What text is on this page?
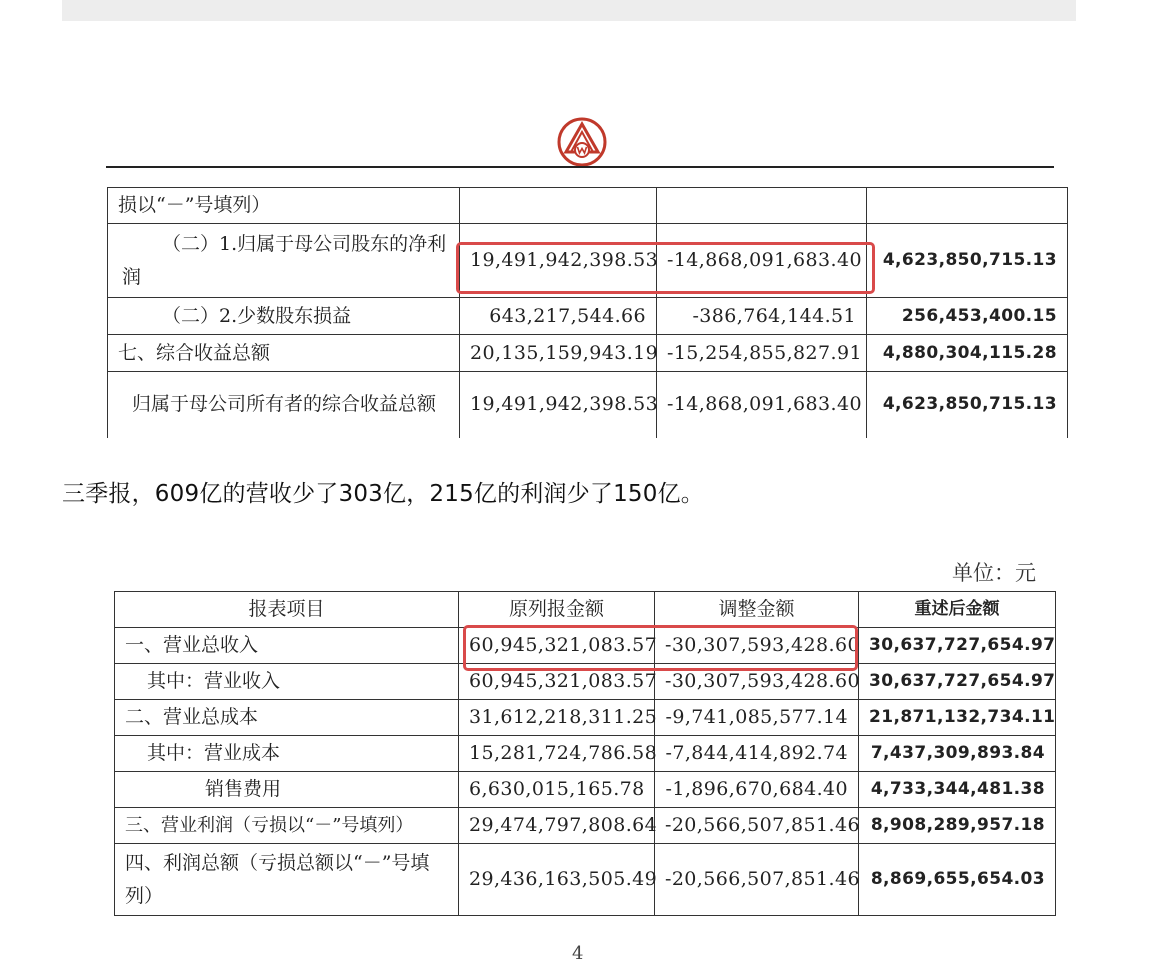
损以“－”号填列）			
（二）1.归属于母公司股东的净利润	19,491,942,398.53	-14,868,091,683.40	4,623,850,715.13
（二）2.少数股东损益	643,217,544.66	-386,764,144.51	256,453,400.15
七、综合收益总额	20,135,159,943.19	-15,254,855,827.91	4,880,304,115.28
归属于母公司所有者的综合收益总额	19,491,942,398.53	-14,868,091,683.40	4,623,850,715.13
三季报，609亿的营收少了303亿，215亿的利润少了150亿。
单位：元
报表项目	原列报金额	调整金额	重述后金额
一、营业总收入	60,945,321,083.57	-30,307,593,428.60	30,637,727,654.97
其中：营业收入	60,945,321,083.57	-30,307,593,428.60	30,637,727,654.97
二、营业总成本	31,612,218,311.25	-9,741,085,577.14	21,871,132,734.11
其中：营业成本	15,281,724,786.58	-7,844,414,892.74	7,437,309,893.84
销售费用	6,630,015,165.78	-1,896,670,684.40	4,733,344,481.38
三、营业利润（亏损以“－”号填列）	29,474,797,808.64	-20,566,507,851.46	8,908,289,957.18
四、利润总额（亏损总额以“－”号填列）	29,436,163,505.49	-20,566,507,851.46	8,869,655,654.03
4
